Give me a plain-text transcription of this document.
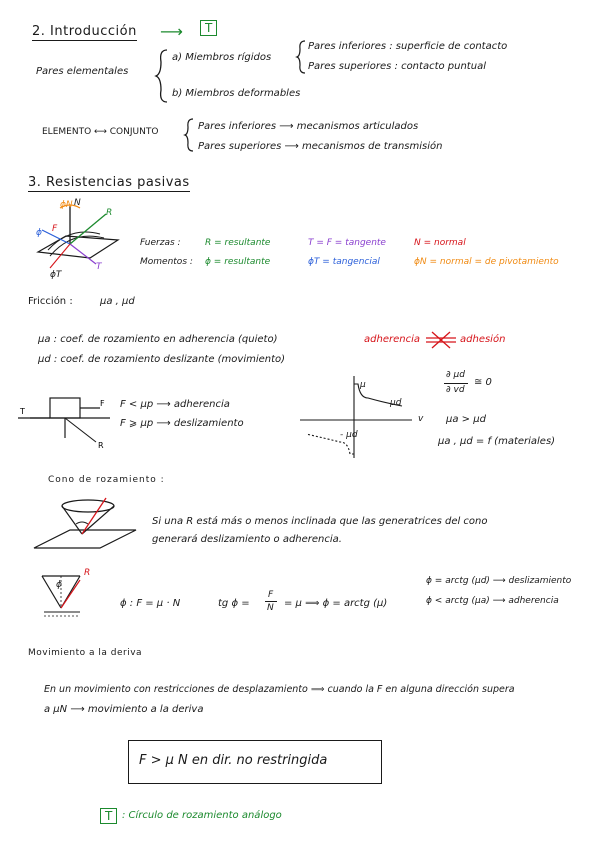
2. Introducción ⟶	T
Pares elementales
a) Miembros rígidos
Pares inferiores : superficie de contacto
Pares superiores : contacto puntual
b) Miembros deformables
ELEMENTO ⟷ CONJUNTO	Pares inferiores ⟶ mecanismos articulados
Pares superiores ⟶ mecanismos de transmisión
3. Resistencias pasivas
ϕN N
R
ϕ F
T
ϕT
Fuerzas :
Momentos :
R = resultante	T = F = tangente	N = normal
ϕ = resultante	ϕT = tangencial	ϕN = normal = de pivotamiento
Fricción :	μa , μd
μa : coef. de rozamiento en adherencia (quieto)
μd : coef. de rozamiento deslizante (movimiento)
adherencia	adhesión
F
R
T
F < μp ⟶ adherencia
F ⩾ μp ⟶ deslizamiento	v
μ
μd
- μd
∂ μd
∂ vd
≅ 0
μa > μd
μa , μd = f (materiales)
Cono de rozamiento :
Si una R está más o menos inclinada que las generatrices del cono
generará deslizamiento o adherencia.
ϕ
R
ϕ : F = μ · N	tg ϕ =
F
N = μ ⟹ ϕ = arctg (μ)
ϕ = arctg (μd) ⟶ deslizamiento
ϕ < arctg (μa) ⟶ adherencia
Movimiento a la deriva
En un movimiento con restricciones de desplazamiento ⟹ cuando la F en alguna dirección supera
a μN ⟶ movimiento a la deriva
F > μ N en dir. no restringida
T : Círculo de rozamiento análogo
